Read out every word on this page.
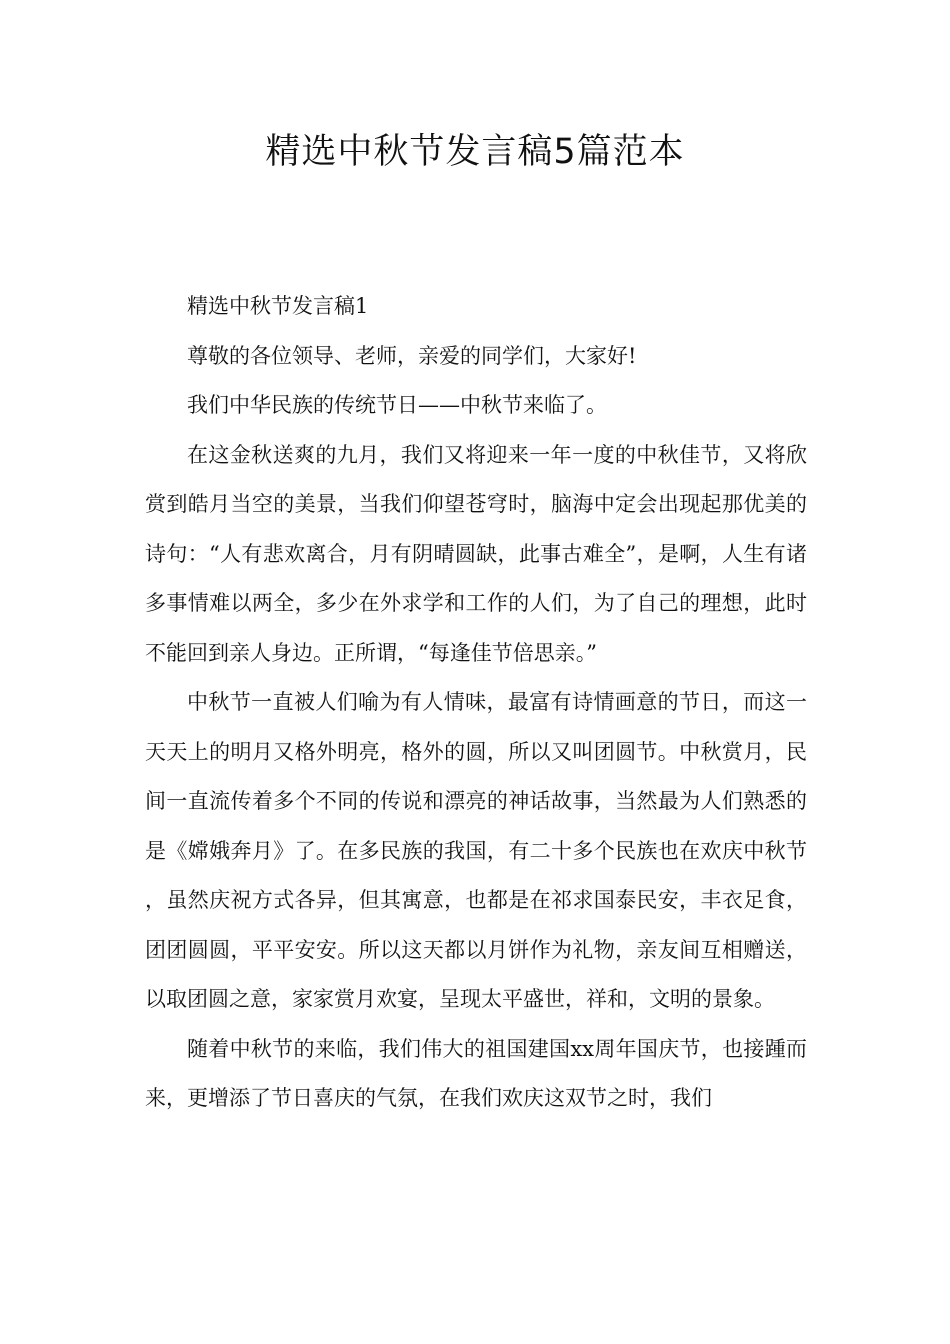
精选中秋节发言稿5篇范本

精选中秋节发言稿1

尊敬的各位领导、老师，亲爱的同学们，大家好!

我们中华民族的传统节日——中秋节来临了。

在这金秋送爽的九月，我们又将迎来一年一度的中秋佳节，又将欣赏到皓月当空的美景，当我们仰望苍穹时，脑海中定会出现起那优美的诗句：“人有悲欢离合，月有阴晴圆缺，此事古难全”，是啊，人生有诸多事情难以两全，多少在外求学和工作的人们，为了自己的理想，此时不能回到亲人身边。正所谓，“每逢佳节倍思亲。”

中秋节一直被人们喻为有人情味，最富有诗情画意的节日，而这一天天上的明月又格外明亮，格外的圆，所以又叫团圆节。中秋赏月，民间一直流传着多个不同的传说和漂亮的神话故事，当然最为人们熟悉的是《嫦娥奔月》了。在多民族的我国，有二十多个民族也在欢庆中秋节，虽然庆祝方式各异，但其寓意，也都是在祁求国泰民安，丰衣足食，团团圆圆，平平安安。所以这天都以月饼作为礼物，亲友间互相赠送，以取团圆之意，家家赏月欢宴，呈现太平盛世，祥和，文明的景象。

随着中秋节的来临，我们伟大的祖国建国xx周年国庆节，也接踵而来，更增添了节日喜庆的气氛，在我们欢庆这双节之时，我们
